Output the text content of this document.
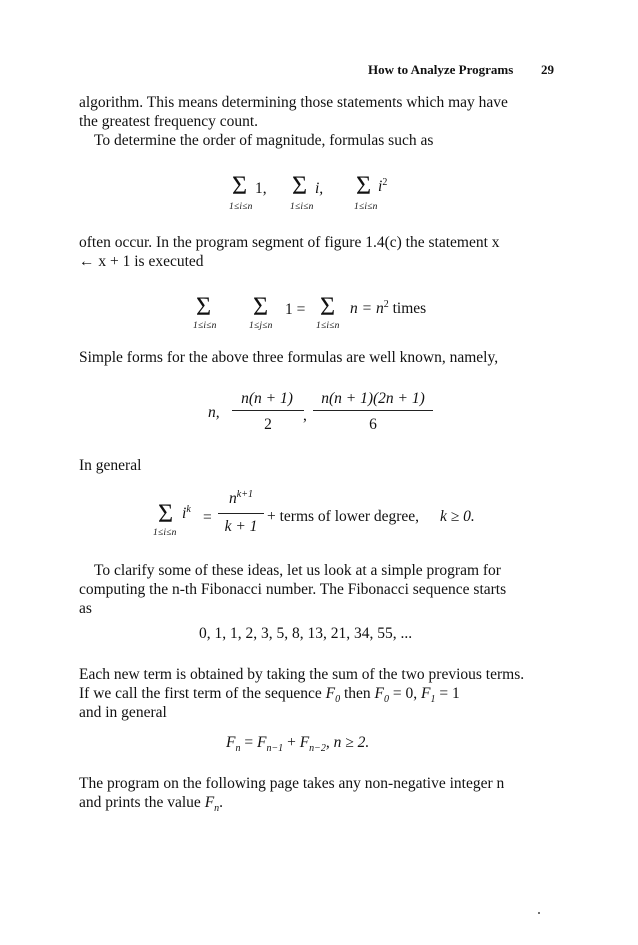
How to Analyze Programs 29
algorithm. This means determining those statements which may have
the greatest frequency count.
To determine the order of magnitude, formulas such as
Σ 1,
1≤i≤n
Σ i,
1≤i≤n
Σ $i^2$
1≤i≤n
often occur. In the program segment of figure 1.4(c) the statement x
← x + 1 is executed
Σ
1≤i≤n
Σ
1≤j≤n
1 = Σ
1≤i≤n
$n = n^2$ times
Simple forms for the above three formulas are well known, namely,
n,
n(n + 1)
2
,
n(n + 1)(2n + 1)
6
In general
Σ
1≤i≤n
$i^k$ =
$n^{k+1}$
k + 1
+ terms of lower degree, k ≥ 0.
To clarify some of these ideas, let us look at a simple program for
computing the n-th Fibonacci number. The Fibonacci sequence starts
as
0, 1, 1, 2, 3, 5, 8, 13, 21, 34, 55, ...
Each new term is obtained by taking the sum of the two previous terms.
If we call the first term of the sequence $F_0$ then $F_0 = 0$, $F_1 = 1$
and in general
$F_n = F_{n-1} + F_{n-2}$, n ≥ 2.
The program on the following page takes any non-negative integer n
and prints the value $F_n$.
